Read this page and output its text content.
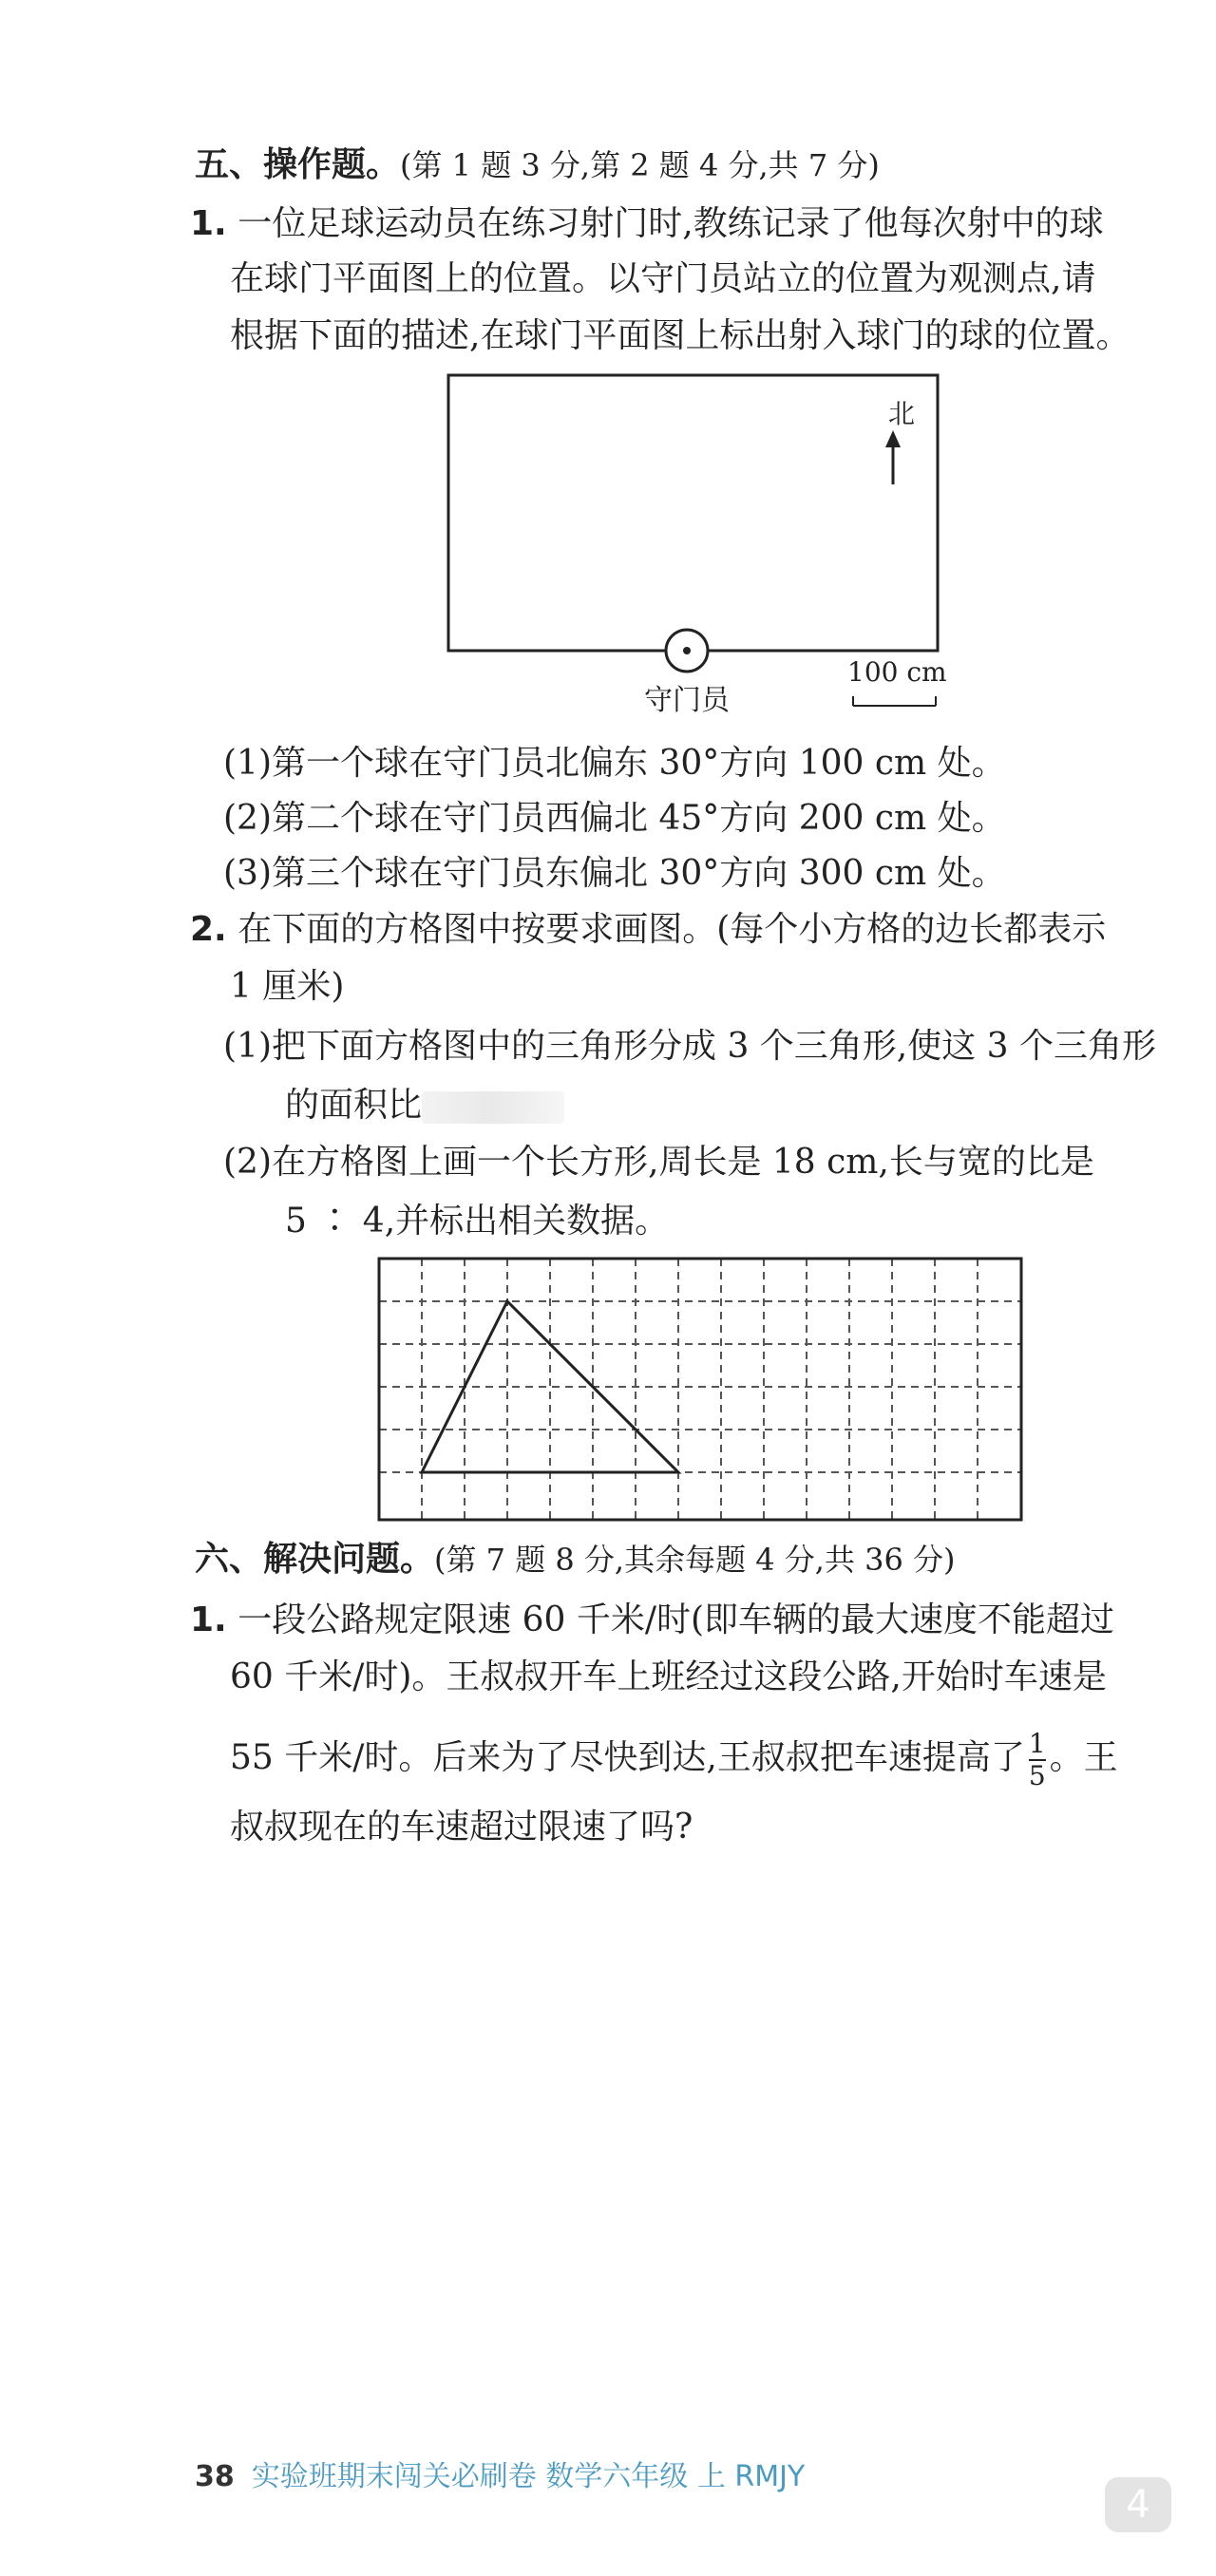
五、操作题。(第 1 题 3 分,第 2 题 4 分,共 7 分)
1. 一位足球运动员在练习射门时,教练记录了他每次射中的球
在球门平面图上的位置。以守门员站立的位置为观测点,请
根据下面的描述,在球门平面图上标出射入球门的球的位置。
北
守门员
100 cm
(1)第一个球在守门员北偏东 30°方向 100 cm 处。
(2)第二个球在守门员西偏北 45°方向 200 cm 处。
(3)第三个球在守门员东偏北 30°方向 300 cm 处。
2. 在下面的方格图中按要求画图。(每个小方格的边长都表示
1 厘米)
(1)把下面方格图中的三角形分成 3 个三角形,使这 3 个三角形
的面积比
(2)在方格图上画一个长方形,周长是 18 cm,长与宽的比是
5 ∶ 4,并标出相关数据。
六、解决问题。(第 7 题 8 分,其余每题 4 分,共 36 分)
1. 一段公路规定限速 60 千米/时(即车辆的最大速度不能超过
60 千米/时)。王叔叔开车上班经过这段公路,开始时车速是
55 千米/时。后来为了尽快到达,王叔叔把车速提高了 $\frac{1}{5}$ 。王
叔叔现在的车速超过限速了吗?
38 实验班期末闯关必刷卷 数学六年级 上 RMJY
4
